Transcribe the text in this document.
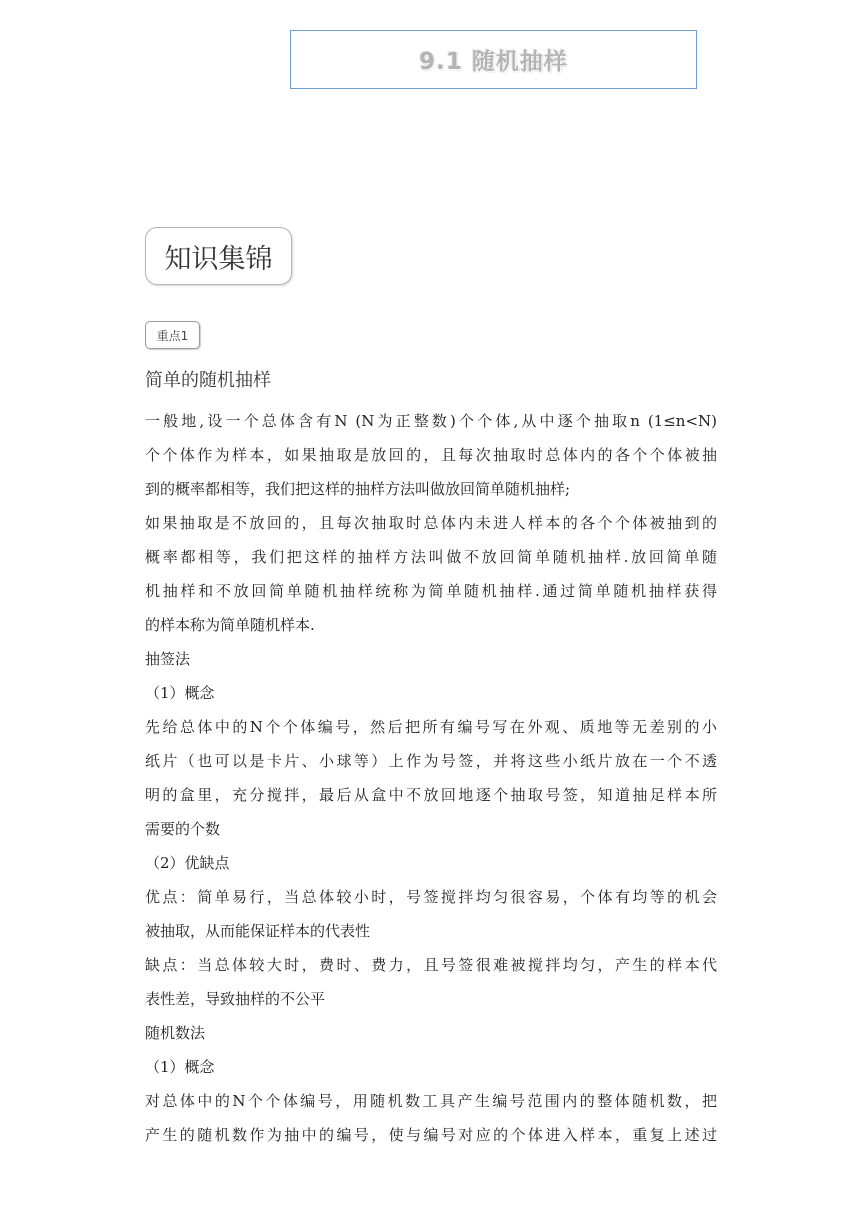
9.1 随机抽样
知识集锦
重点1
简单的随机抽样
一般地,设一个总体含有N (N为正整数)个个体,从中逐个抽取n (1≤n<N)
个个体作为样本，如果抽取是放回的，且每次抽取时总体内的各个个体被抽
到的概率都相等，我们把这样的抽样方法叫做放回简单随机抽样;
如果抽取是不放回的，且每次抽取时总体内未进人样本的各个个体被抽到的
概率都相等，我们把这样的抽样方法叫做不放回简单随机抽样.放回简单随
机抽样和不放回简单随机抽样统称为简单随机抽样.通过简单随机抽样获得
的样本称为简单随机样本.
抽签法
（1）概念
先给总体中的N个个体编号，然后把所有编号写在外观、质地等无差别的小
纸片（也可以是卡片、小球等）上作为号签，并将这些小纸片放在一个不透
明的盒里，充分搅拌，最后从盒中不放回地逐个抽取号签，知道抽足样本所
需要的个数
（2）优缺点
优点：简单易行，当总体较小时，号签搅拌均匀很容易，个体有均等的机会
被抽取，从而能保证样本的代表性
缺点：当总体较大时，费时、费力，且号签很难被搅拌均匀，产生的样本代
表性差，导致抽样的不公平
随机数法
（1）概念
对总体中的N个个体编号，用随机数工具产生编号范围内的整体随机数，把
产生的随机数作为抽中的编号，使与编号对应的个体进入样本，重复上述过
